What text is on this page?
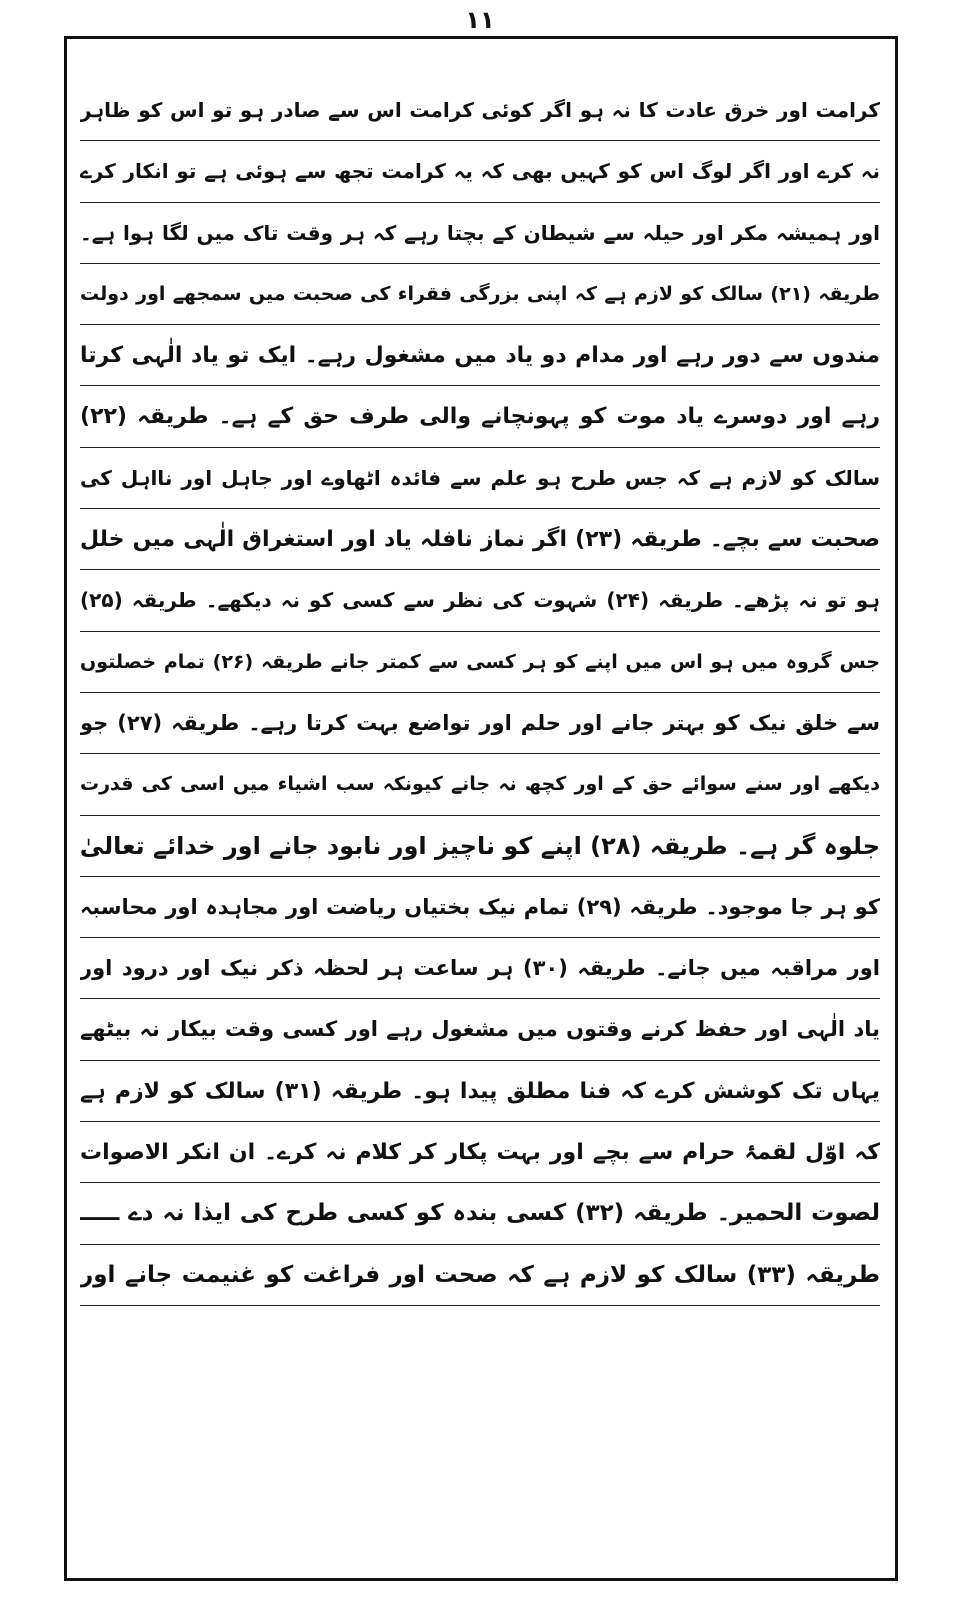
۱۱
کرامت اور خرق عادت کا نہ ہو اگر کوئی کرامت اس سے صادر ہو تو اس کو ظاہر
نہ کرے اور اگر لوگ اس کو کہیں بھی کہ یہ کرامت تجھ سے ہوئی ہے تو انکار کرے
اور ہمیشہ مکر اور حیلہ سے شیطان کے بچتا رہے کہ ہر وقت تاک میں لگا ہوا ہے۔
طریقہ (۲۱) سالک کو لازم ہے کہ اپنی بزرگی فقراء کی صحبت میں سمجھے اور دولت
مندوں سے دور رہے اور مدام دو یاد میں مشغول رہے۔ ایک تو یاد الٰہی کرتا
رہے اور دوسرے یاد موت کو پہونچانے والی طرف حق کے ہے۔ طریقہ (۲۲)
سالک کو لازم ہے کہ جس طرح ہو علم سے فائدہ اٹھاوے اور جاہل اور نااہل کی
صحبت سے بچے۔ طریقہ (۲۳) اگر نماز نافلہ یاد اور استغراق الٰہی میں خلل
ہو تو نہ پڑھے۔ طریقہ (۲۴) شہوت کی نظر سے کسی کو نہ دیکھے۔ طریقہ (۲۵)
جس گروہ میں ہو اس میں اپنے کو ہر کسی سے کمتر جانے طریقہ (۲۶) تمام خصلتوں
سے خلق نیک کو بہتر جانے اور حلم اور تواضع بہت کرتا رہے۔ طریقہ (۲۷) جو
دیکھے اور سنے سوائے حق کے اور کچھ نہ جانے کیونکہ سب اشیاء میں اسی کی قدرت
جلوہ گر ہے۔ طریقہ (۲۸) اپنے کو ناچیز اور نابود جانے اور خدائے تعالیٰ
کو ہر جا موجود۔ طریقہ (۲۹) تمام نیک بختیاں ریاضت اور مجاہدہ اور محاسبہ
اور مراقبہ میں جانے۔ طریقہ (۳۰) ہر ساعت ہر لحظہ ذکر نیک اور درود اور
یاد الٰہی اور حفظ کرنے وقتوں میں مشغول رہے اور کسی وقت بیکار نہ بیٹھے
یہاں تک کوشش کرے کہ فنا مطلق پیدا ہو۔ طریقہ (۳۱) سالک کو لازم ہے
کہ اوّل لقمۂ حرام سے بچے اور بہت پکار کر کلام نہ کرے۔ ان انکر الاصوات
لصوت الحمیر۔ طریقہ (۳۲) کسی بندہ کو کسی طرح کی ایذا نہ دے ـــــ
طریقہ (۳۳) سالک کو لازم ہے کہ صحت اور فراغت کو غنیمت جانے اور
